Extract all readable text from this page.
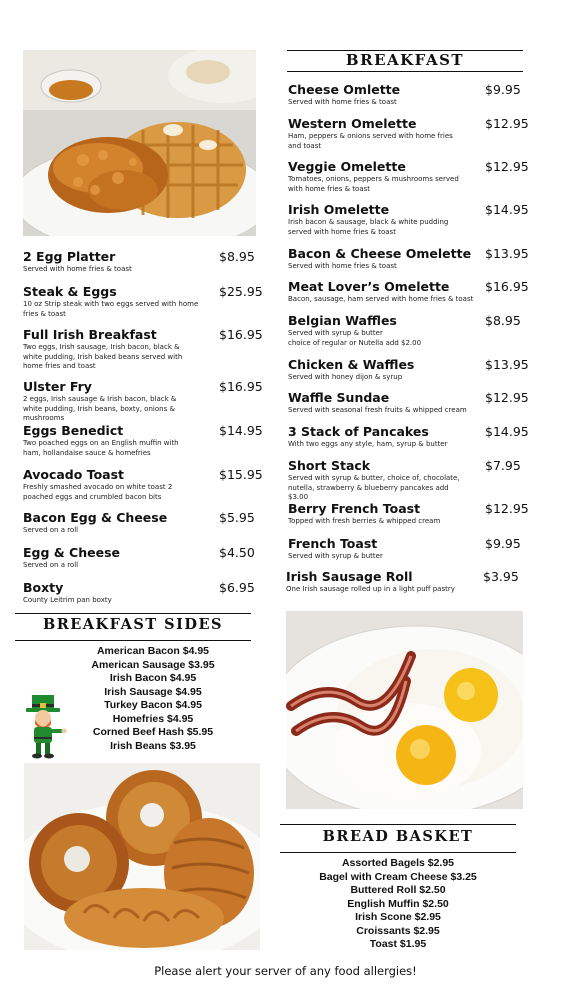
2 Egg Platter	$8.95
Served with home fries & toast
Steak & Eggs	$25.95
10 oz Strip steak with two eggs served with home fries & toast
Full Irish Breakfast	$16.95
Two eggs, Irish sausage, Irish bacon, black & white pudding, Irish baked beans served with home fries and toast
Ulster Fry	$16.95
2 eggs, Irish sausage & Irish bacon, black & white pudding, Irish beans, boxty, onions & mushrooms
Eggs Benedict	$14.95
Two poached eggs on an English muffin with ham, hollandaise sauce & homefries
Avocado Toast	$15.95
Freshly smashed avocado on white toast 2 poached eggs and crumbled bacon bits
Bacon Egg & Cheese	$5.95
Served on a roll
Egg & Cheese	$4.50
Served on a roll
Boxty	$6.95
County Leitrim pan boxty
BREAKFAST
Cheese Omlette	$9.95
Served with home fries & toast
Western Omelette	$12.95
Ham, peppers & onions served with home fries and toast
Veggie Omelette	$12.95
Tomatoes, onions, peppers & mushrooms served with home fries & toast
Irish Omelette	$14.95
Irish bacon & sausage, black & white pudding served with home fries & toast
Bacon & Cheese Omelette	$13.95
Served with home fries & toast
Meat Lover’s Omelette	$16.95
Bacon, sausage, ham served with home fries & toast
Belgian Waffles	$8.95
Served with syrup & butter
choice of regular or Nutella add $2.00
Chicken & Waffles	$13.95
Served with honey dijon & syrup
Waffle Sundae	$12.95
Served with seasonal fresh fruits & whipped cream
3 Stack of Pancakes	$14.95
With two eggs any style, ham, syrup & butter
Short Stack	$7.95
Served with syrup & butter, choice of, chocolate, nutella, strawberry & blueberry pancakes add $3.00
Berry French Toast	$12.95
Topped with fresh berries & whipped cream
French Toast	$9.95
Served with syrup & butter
Irish Sausage Roll	$3.95
One Irish sausage rolled up in a light puff pastry
BREAKFAST SIDES
American Bacon $4.95
American Sausage $3.95
Irish Bacon $4.95
Irish Sausage $4.95
Turkey Bacon $4.95
Homefries $4.95
Corned Beef Hash $5.95
Irish Beans $3.95
BREAD BASKET
Assorted Bagels $2.95
Bagel with Cream Cheese $3.25
Buttered Roll $2.50
English Muffin $2.50
Irish Scone $2.95
Croissants $2.95
Toast $1.95
Please alert your server of any food allergies!
